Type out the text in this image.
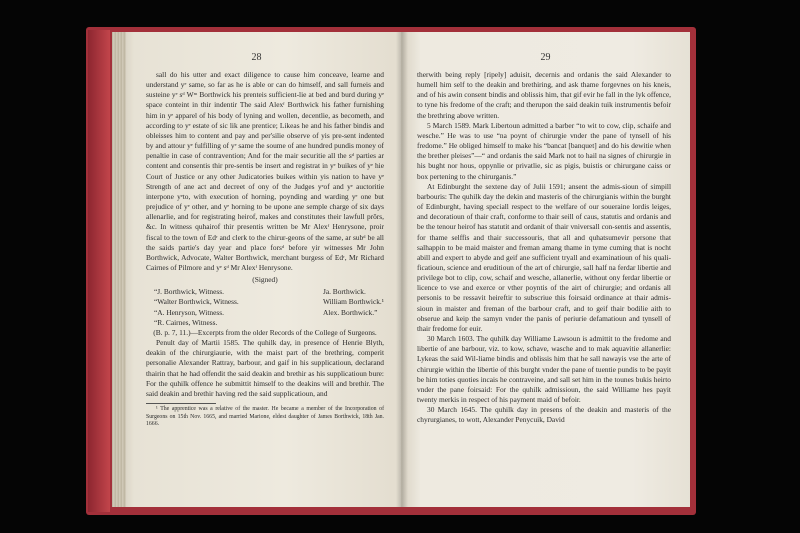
28

sall do his utter and exact diligence to cause him conceave, learne and understand yᵉ same, so far as he is able or can do himself, and sall furneis and susteine yᵉ sᵈ Wᵐ Borthwick his prenteis sufficient-lie at bed and burd during yᵉ space conteint in thir indentir The said Alexᶠ Borthwick his father furnishing him in yᵉ apparel of his body of lyning and wollen, decentlie, as becometh, and according to yᵉ estate of sic lik ane prentice; Likeas he and his father bindis and obleisses him to content and pay and per'silie observe of yis pre-sent indented by and attour yᵉ fulfilling of yᵉ same the soume of ane hundred pundis money of penaltie in case of contravention; And for the mair securitie all the sᵈ parties ar content and consentis thir pre-sentis be insert and registrat in yᵉ buikes of yᵉ hie Court of Justice or any other Judicatories buikes within yis nation to have yᵉ Strength of ane act and decreet of ony of the Judges yᵉof and yᵉ auctoritie interpone yᵉto, with execution of horning, poynding and warding yᵉ one but prejudice of yᵉ other, and yᵉ horning to be upone ane semple charge of six days allenarlie, and for registrating heirof, makes and constitutes their lawfull prōrs, &c. In witness quhairof thir presentis written be Mr Alexᶠ Henrysone, proir fiscal to the town of Edʳ and clerk to the chirur-geons of the same, ar subᵈ be all the saids partie's day year and place forsᵈ before yir witnesses Mr John Borthwick, Advocate, Walter Borthwick, merchant burgess of Edʳ, Mr Richard Cairnes of Pilmore and yᵉ sᵈ Mr Alexᶠ Henrysone.

(Signed)
“J. Borthwick, Witness.
“Walter Borthwick, Witness.
“A. Henryson, Witness.
“R. Cairnes, Witness.
Ja. Borthwick.
William Borthwick.¹
Alex. Borthwick.”

(B. p. 7, 11.)—Excerpts from the older Records of the College of Surgeons.

Penult day of Martii 1585. The quhilk day, in presence of Henrie Blyth, deakin of the chirurgiaurie, with the maist part of the brethring, comperit personalie Alexander Rattray, barbour, and gaif in his supplicatioun, declarand thairin that he had offendit the said deakin and brethir as his supplicatioun bure: For the quhilk offence he submittit himself to the deakins will and brethir. The said deakin and brethir having red the said supplicatioun, and

¹ The apprentice was a relative of the master. He became a member of the Incorporation of Surgeons on 15th Nov. 1665, and married Marione, eldest daughter of James Borthwick, 18th Jan. 1666.

29

therwith being reply [ripely] aduisit, decernis and ordanis the said Alexander to humell him self to the deakin and brethiring, and ask thame forgevnes on his kneis, and of his awin consent bindis and oblissis him, that gif evir he fall in the lyk offence, to tyne his fredome of the craft; and therupon the said deakin tuik instrumentis befoir the brethring above written.

5 March 1589. Mark Libertoun admitted a barber “to wit to cow, clip, schaife and wesche.” He was to use “na poynt of chirurgie vnder the pane of tynsell of his fredome.” He obliged himself to make his “bancat [banquet] and do his dewitie when the brether pleises”—“ and ordanis the said Mark not to hail na signes of chirurgie in his bught nor hous, oppynlie or privatlie, sic as pigis, buistis or chirurgane caiss or box pertening to the chirurganis.”

At Edinburght the sextene day of Julii 1591; ansent the admis-sioun of simpill barbouris: The quhilk day the dekin and masteris of the chirurgianis within the burght of Edinburght, having speciall respect to the welfare of our soueraine lordis leiges, and decoratioun of thair craft, conforme to thair seill of caus, statutis and ordanis and be the tenour heirof has statutit and ordanit of thair vniversall con-sentis and assentis, for thame selffis and thair successouris, that all and quhatsumevir persone that salhappin to be maid maister and freman amang thame in tyme cuming that is nocht abill and expert to abyde and geif ane sufficient tryall and examinatioun of his quali-ficatioun, science and eruditioun of the art of chirurgie, sall half na ferdar libertie and privilege bot to clip, cow, schaif and wesche, allanerlie, without ony ferdar libertie or licence to vse and exerce or vther poyntis of the airt of chirurgie; and ordanis all personis to be ressavit heireftir to subscriue this foirsaid ordinance at thair admis-sioun in maister and freman of the barbour craft, and to geif thair bodilie aith to obserue and keip the samyn vnder the panis of periurie defamatioun and tynsell of thair fredome for euir.

30 March 1603. The quhilk day Williame Lawsoun is admittit to the fredome and libertie of ane barbour, viz. to kow, schave, wasche and to mak aquavitie allanerlie: Lykeas the said Wil-liame bindis and oblissis him that he sall nawayis vse the arte of chirurgie within the libertie of this burght vnder the pane of tuentie pundis to be payit be him toties quoties incais he contraveine, and sall set him in the tounes bukis heirto vnder the pane foirsaid: For the quhilk admissioun, the said Williame hes payit twenty merkis in respect of his payment maid of befoir.

30 March 1645. The quhilk day in presens of the deakin and masteris of the chyrurgianes, to wott, Alexander Penycuik, David
